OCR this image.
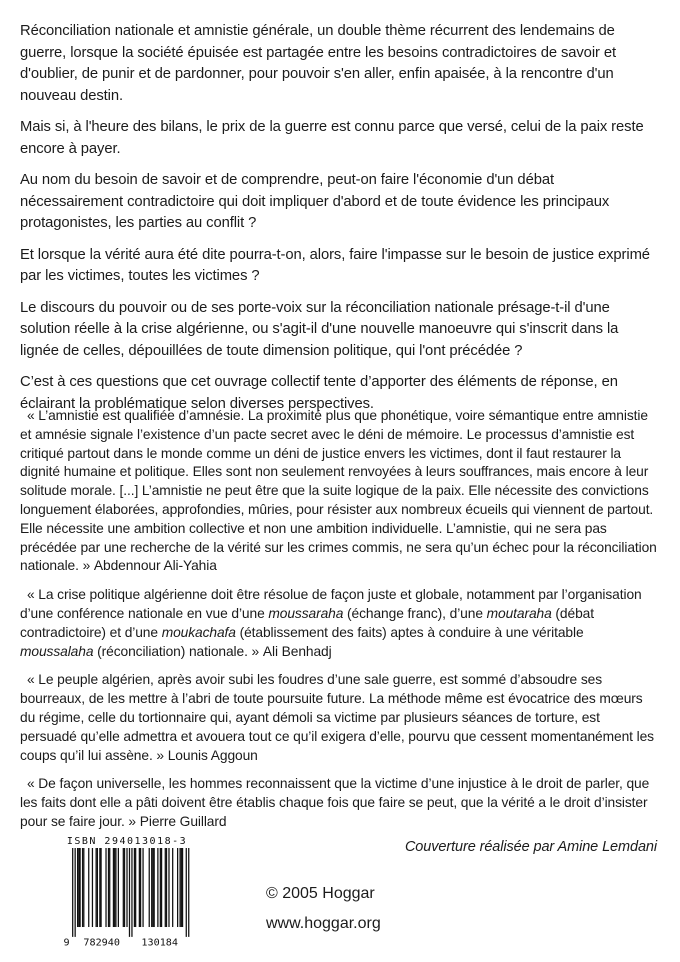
Réconciliation nationale et amnistie générale, un double thème récurrent des lendemains de guerre, lorsque la société épuisée est partagée entre les besoins contradictoires de savoir et d'oublier, de punir et de pardonner, pour pouvoir s'en aller, enfin apaisée, à la rencontre d'un nouveau destin.

Mais si, à l'heure des bilans, le prix de la guerre est connu parce que versé, celui de la paix reste encore à payer.

Au nom du besoin de savoir et de comprendre, peut-on faire l'économie d'un débat nécessairement contradictoire qui doit impliquer d'abord et de toute évidence les principaux protagonistes, les parties au conflit ?

Et lorsque la vérité aura été dite pourra-t-on, alors, faire l'impasse sur le besoin de justice exprimé par les victimes, toutes les victimes ?

Le discours du pouvoir ou de ses porte-voix sur la réconciliation nationale présage-t-il d'une solution réelle à la crise algérienne, ou s'agit-il d'une nouvelle manoeuvre qui s'inscrit dans la lignée de celles, dépouillées de toute dimension politique, qui l'ont précédée ?

C’est à ces questions que cet ouvrage collectif tente d’apporter des éléments de réponse, en éclairant la problématique selon diverses perspectives.

« L’amnistie est qualifiée d’amnésie. La proximité plus que phonétique, voire sémantique entre amnistie et amnésie signale l’existence d’un pacte secret avec le déni de mémoire. Le processus d’amnistie est critiqué partout dans le monde comme un déni de justice envers les victimes, dont il faut restaurer la dignité humaine et politique. Elles sont non seulement renvoyées à leurs souffrances, mais encore à leur solitude morale. [...] L’amnistie ne peut être que la suite logique de la paix. Elle nécessite des convictions longuement élaborées, approfondies, mûries, pour résister aux nombreux écueils qui viennent de partout. Elle nécessite une ambition collective et non une ambition individuelle. L’amnistie, qui ne sera pas précédée par une recherche de la vérité sur les crimes commis, ne sera qu’un échec pour la réconciliation nationale. » Abdennour Ali-Yahia

« La crise politique algérienne doit être résolue de façon juste et globale, notamment par l’organisation d’une conférence nationale en vue d’une moussaraha (échange franc), d’une moutaraha (débat contradictoire) et d’une moukachafa (établissement des faits) aptes à conduire à une véritable moussalaha (réconciliation) nationale. » Ali Benhadj

« Le peuple algérien, après avoir subi les foudres d’une sale guerre, est sommé d’absoudre ses bourreaux, de les mettre à l’abri de toute poursuite future. La méthode même est évocatrice des mœurs du régime, celle du tortionnaire qui, ayant démoli sa victime par plusieurs séances de torture, est persuadé qu’elle admettra et avouera tout ce qu’il exigera d’elle, pourvu que cessent momentanément les coups qu’il lui assène. » Lounis Aggoun

« De façon universelle, les hommes reconnaissent que la victime d’une injustice à le droit de parler, que les faits dont elle a pâti doivent être établis chaque fois que faire se peut, que la vérité a le droit d’insister pour se faire jour. » Pierre Guillard

ISBN 294013018-3
9 782940	130184
Couverture réalisée par Amine Lemdani
© 2005 Hoggar
www.hoggar.org
